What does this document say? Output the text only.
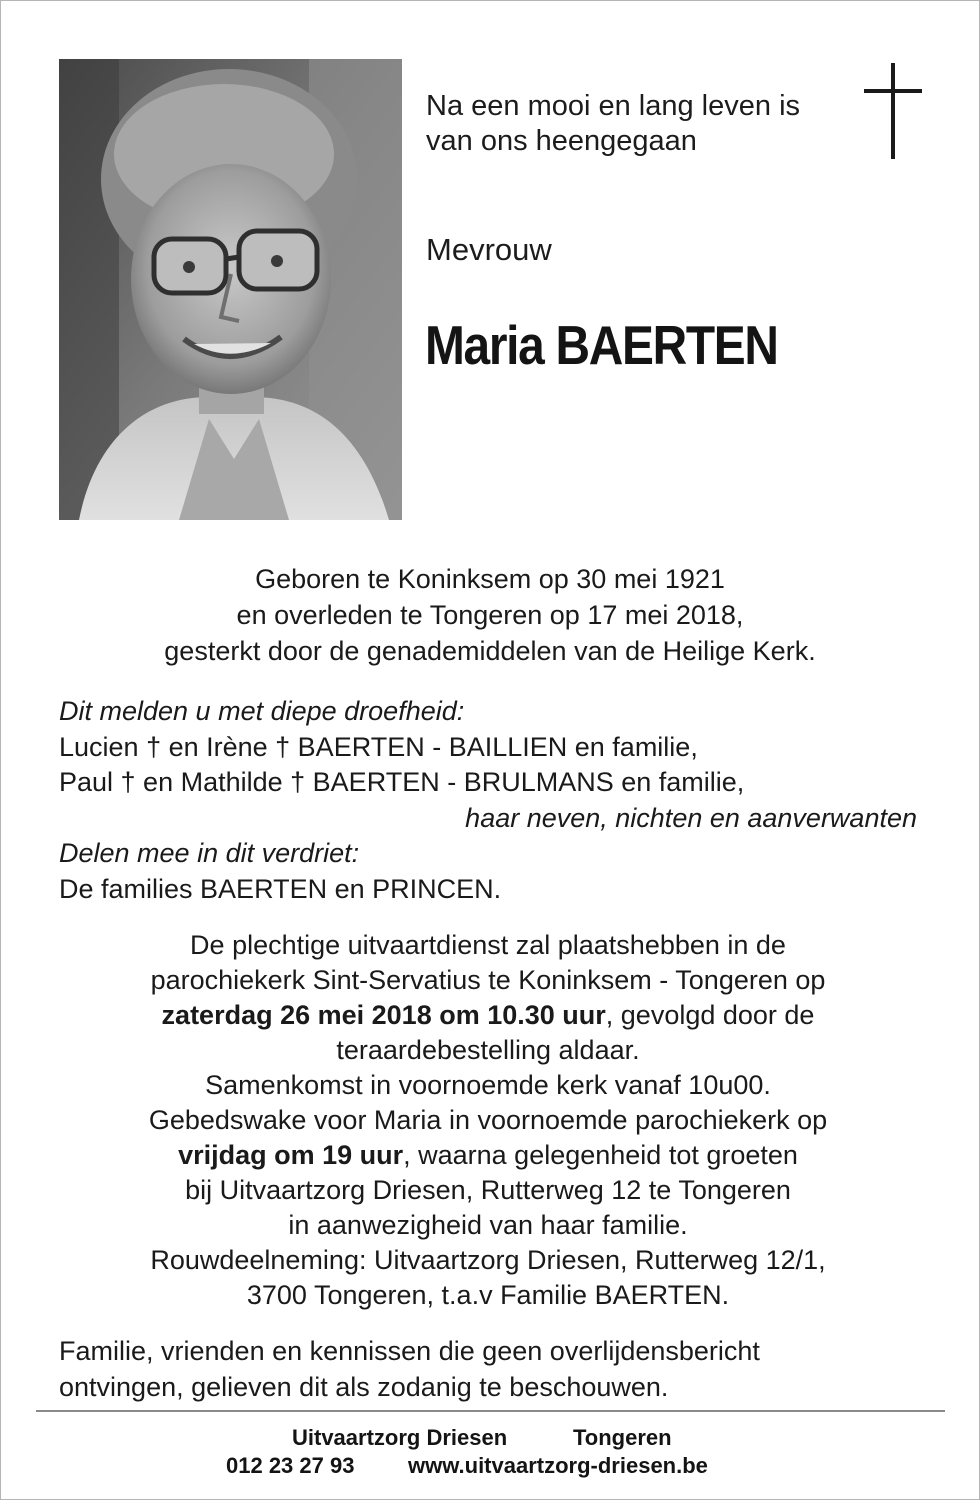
Na een mooi en lang leven is
van ons heengegaan
Mevrouw
Maria BAERTEN
Geboren te Koninksem op 30 mei 1921
en overleden te Tongeren op 17 mei 2018,
gesterkt door de genademiddelen van de Heilige Kerk.
Dit melden u met diepe droefheid:
Lucien † en Irène † BAERTEN - BAILLIEN en familie,
Paul † en Mathilde † BAERTEN - BRULMANS en familie,
haar neven, nichten en aanverwanten
Delen mee in dit verdriet:
De families BAERTEN en PRINCEN.
De plechtige uitvaartdienst zal plaatshebben in de
parochiekerk Sint-Servatius te Koninksem - Tongeren op
zaterdag 26 mei 2018 om 10.30 uur, gevolgd door de
teraardebestelling aldaar.
Samenkomst in voornoemde kerk vanaf 10u00.
Gebedswake voor Maria in voornoemde parochiekerk op
vrijdag om 19 uur, waarna gelegenheid tot groeten
bij Uitvaartzorg Driesen, Rutterweg 12 te Tongeren
in aanwezigheid van haar familie.
Rouwdeelneming: Uitvaartzorg Driesen, Rutterweg 12/1,
3700 Tongeren, t.a.v Familie BAERTEN.
Familie, vrienden en kennissen die geen overlijdensbericht
ontvingen, gelieven dit als zodanig te beschouwen.
Uitvaartzorg Driesen	Tongeren
012 23 27 93 www.uitvaartzorg-driesen.be
